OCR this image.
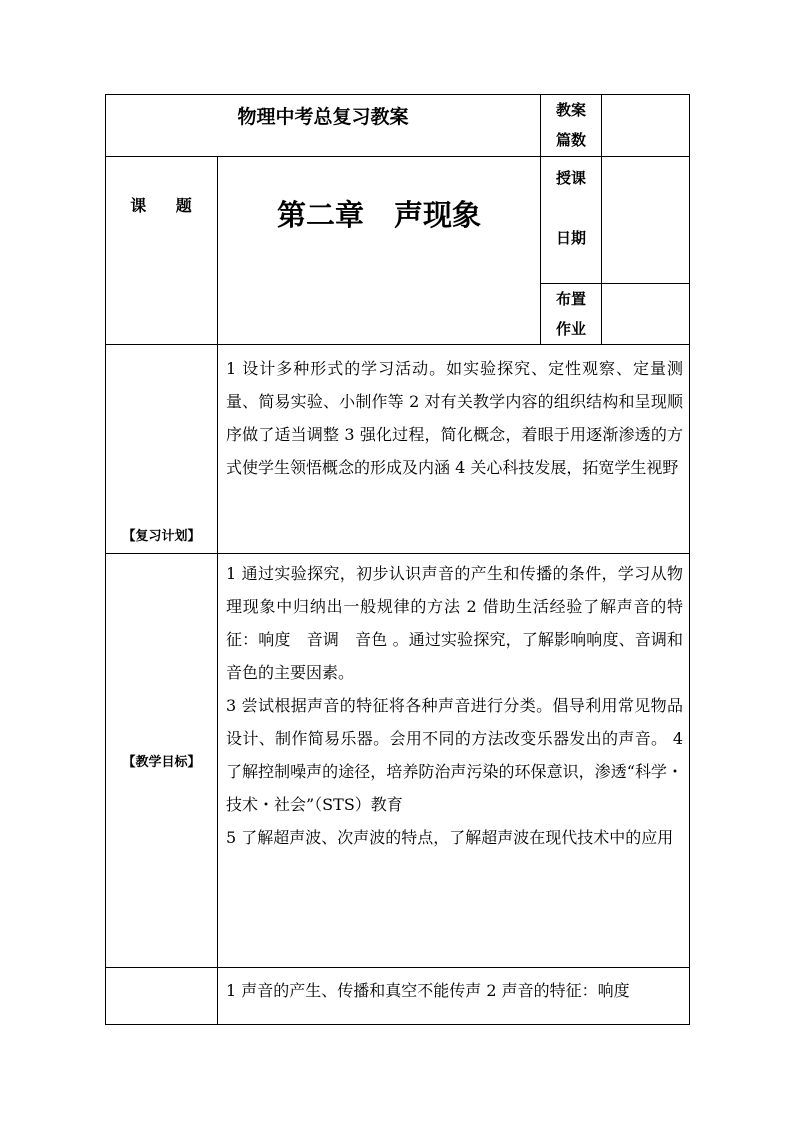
物理中考总复习教案		教案
篇数	

课 题	第二章 声现象	授课
日期	

		布置
作业	

【复习计划】	1 设计多种形式的学习活动。如实验探究、定性观察、定量测量、简易实验、小制作等 2 对有关教学内容的组织结构和呈现顺序做了适当调整 3 强化过程，简化概念，着眼于用逐渐渗透的方式使学生领悟概念的形成及内涵 4 关心科技发展，拓宽学生视野		

【教学目标】	1 通过实验探究，初步认识声音的产生和传播的条件，学习从物理现象中归纳出一般规律的方法 2 借助生活经验了解声音的特征：响度　音调　音色 。通过实验探究，了解影响响度、音调和音色的主要因素。

3 尝试根据声音的特征将各种声音进行分类。倡导利用常见物品设计、制作简易乐器。会用不同的方法改变乐器发出的声音。 4 了解控制噪声的途径，培养防治声污染的环保意识，渗透“科学・技术・社会”（STS）教育

5 了解超声波、次声波的特点，了解超声波在现代技术中的应用		

	1 声音的产生、传播和真空不能传声 2 声音的特征：响度		
